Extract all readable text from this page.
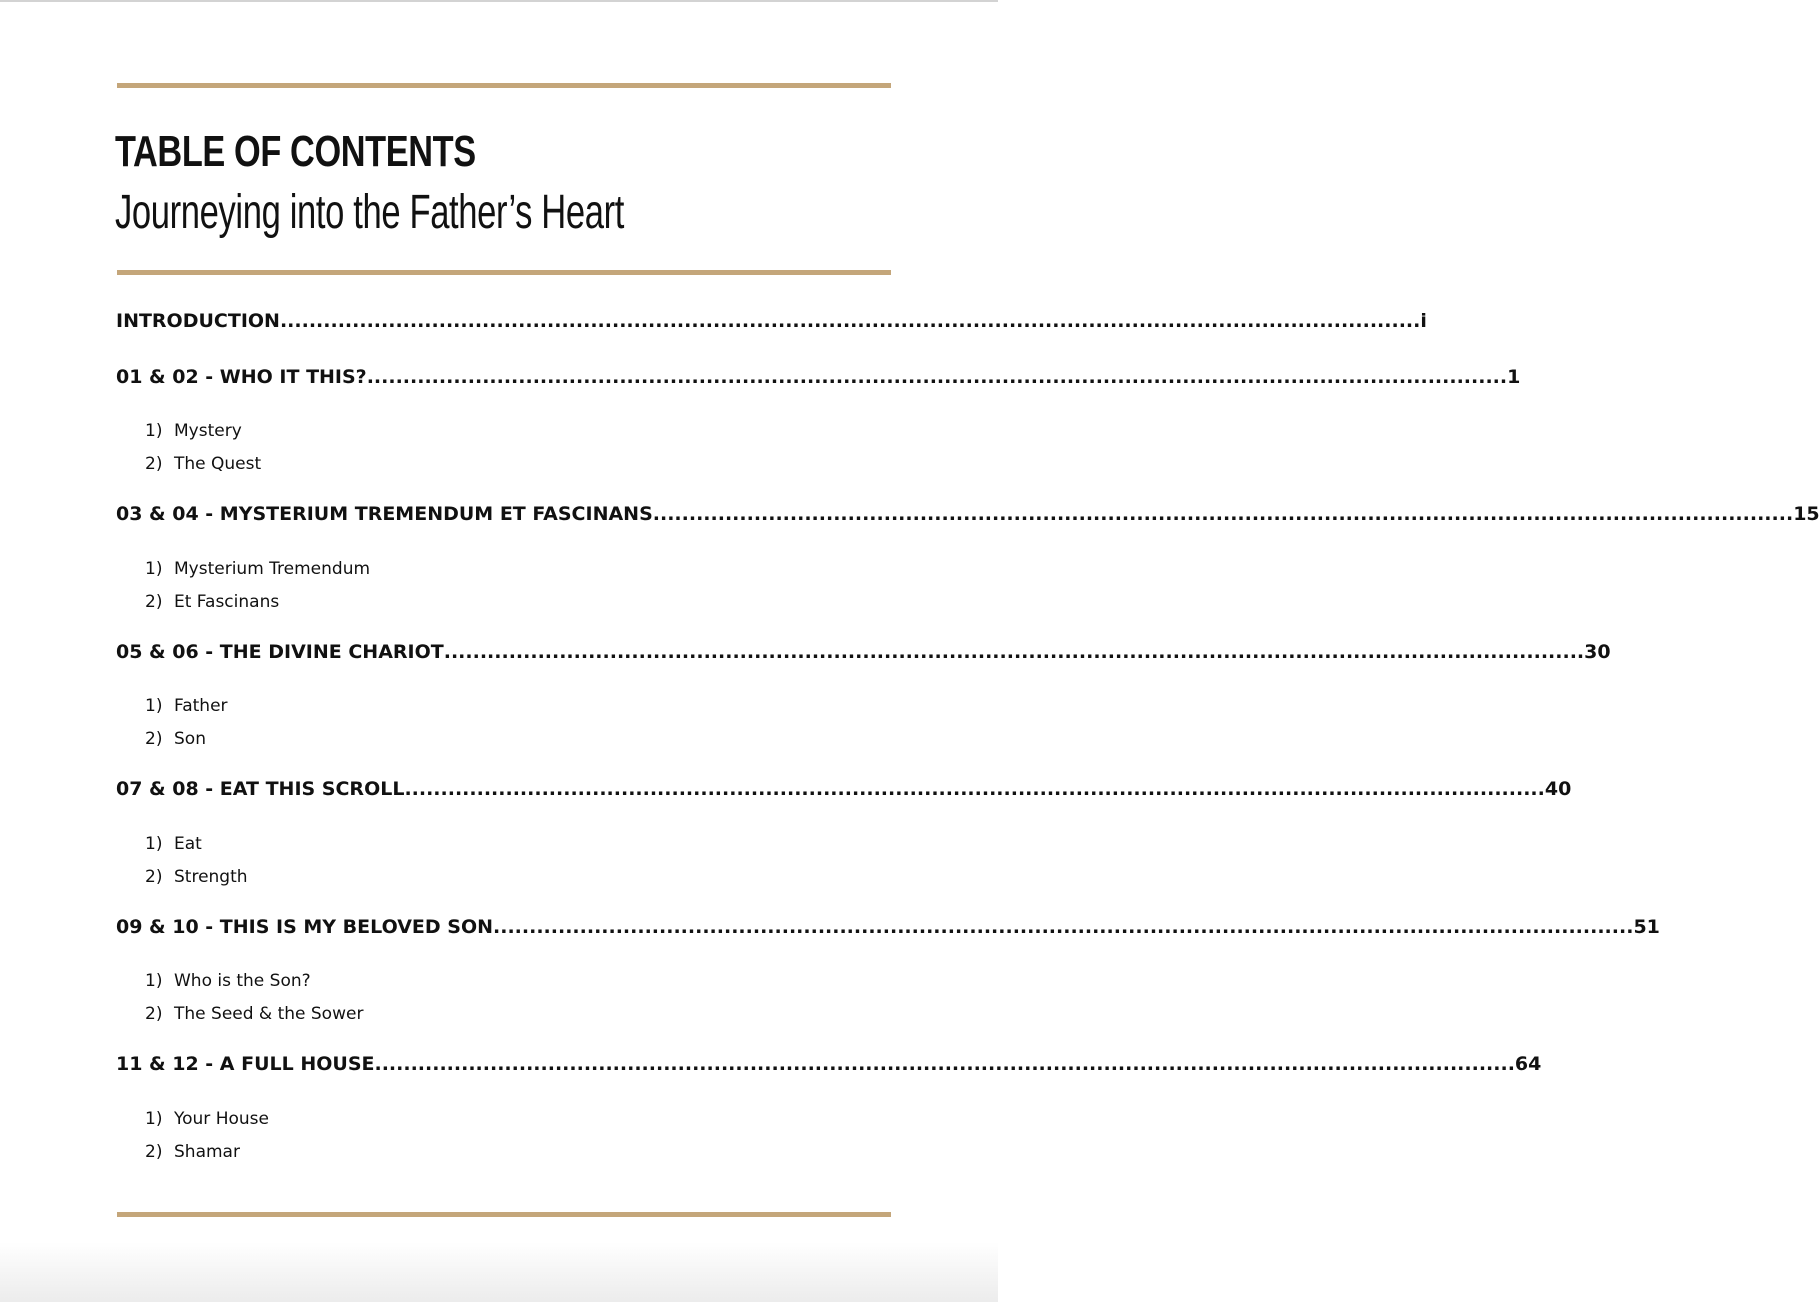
TABLE OF CONTENTS
Journeying into the Father’s Heart
INTRODUCTION .............................................................................................................................................................. i
01 & 02 - WHO IT THIS? .............................................................................................................................................................. 1
1) Mystery
2) The Quest
03 & 04 - MYSTERIUM TREMENDUM ET FASCINANS .............................................................................................................................................................. 15
1) Mysterium Tremendum
2) Et Fascinans
05 & 06 - THE DIVINE CHARIOT .............................................................................................................................................................. 30
1) Father
2) Son
07 & 08 - EAT THIS SCROLL .............................................................................................................................................................. 40
1) Eat
2) Strength
09 & 10 - THIS IS MY BELOVED SON .............................................................................................................................................................. 51
1) Who is the Son?
2) The Seed & the Sower
11 & 12 - A FULL HOUSE .............................................................................................................................................................. 64
1) Your House
2) Shamar
